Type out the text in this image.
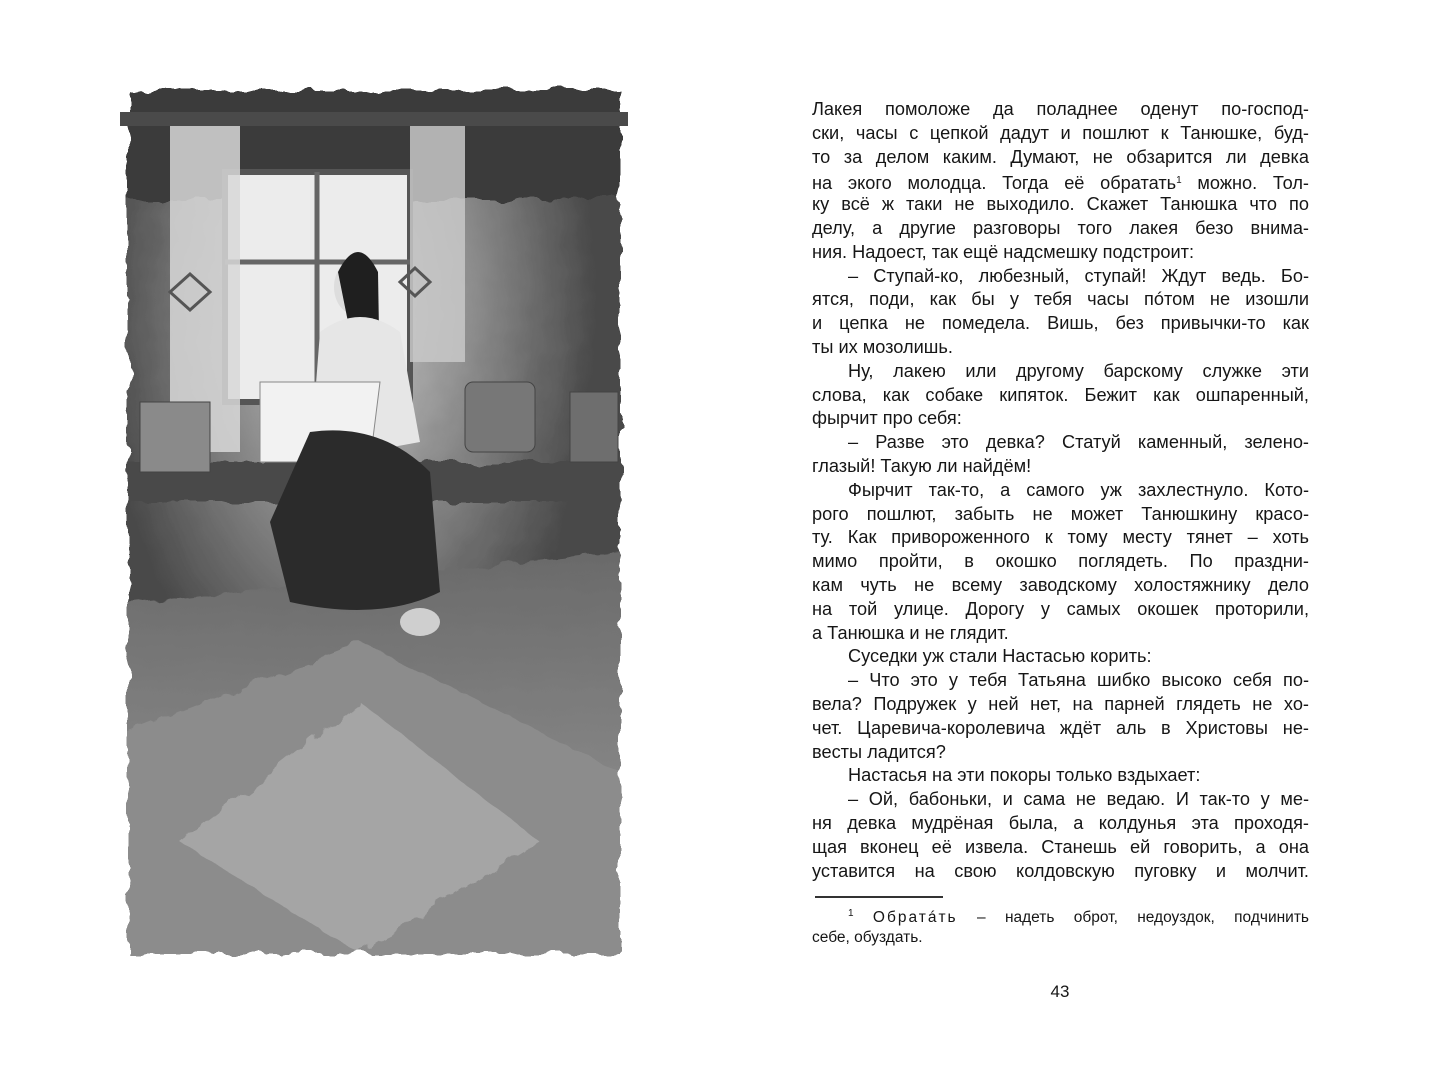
Лакея помоложе да поладнее оденут по-господ-
ски, часы с цепкой дадут и пошлют к Танюшке, буд-
то за делом каким. Думают, не обзарится ли девка
на экого молодца. Тогда её обратать$^1$ можно. Тол-
ку всё ж таки не выходило. Скажет Танюшка что по
делу, а другие разговоры того лакея безо внима-
ния. Надоест, так ещё надсмешку подстроит:
– Ступай-ко, любезный, ступай! Ждут ведь. Бо-
ятся, поди, как бы у тебя часы пóтом не изошли
и цепка не помедела. Вишь, без привычки-то как
ты их мозолишь.
Ну, лакею или другому барскому служке эти
слова, как собаке кипяток. Бежит как ошпаренный,
фырчит про себя:
– Разве это девка? Статуй каменный, зелено-
глазый! Такую ли найдём!
Фырчит так-то, а самого уж захлестнуло. Кото-
рого пошлют, забыть не может Танюшкину красо-
ту. Как привороженного к тому месту тянет – хоть
мимо пройти, в окошко поглядеть. По праздни-
кам чуть не всему заводскому холостяжнику дело
на той улице. Дорогу у самых окошек проторили,
а Танюшка и не глядит.
Суседки уж стали Настасью корить:
– Что это у тебя Татьяна шибко высоко себя по-
вела? Подружек у ней нет, на парней глядеть не хо-
чет. Царевича-королевича ждёт аль в Христовы не-
весты ладится?
Настасья на эти покоры только вздыхает:
– Ой, бабоньки, и сама не ведаю. И так-то у ме-
ня девка мудрёная была, а колдунья эта проходя-
щая вконец её извела. Станешь ей говорить, а она
уставится на свою колдовскую пуговку и молчит.
$^1$ Обратáть – надеть оброт, недоуздок, подчинить
себе, обуздать.
43
